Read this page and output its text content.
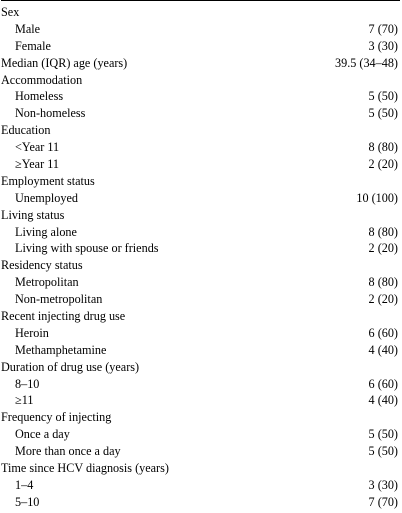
Sex
Male	7 (70)
Female	3 (30)
Median (IQR) age (years)	39.5 (34–48)
Accommodation
Homeless	5 (50)
Non-homeless	5 (50)
Education
<Year 11	8 (80)
≥Year 11	2 (20)
Employment status
Unemployed	10 (100)
Living status
Living alone	8 (80)
Living with spouse or friends	2 (20)
Residency status
Metropolitan	8 (80)
Non-metropolitan	2 (20)
Recent injecting drug use
Heroin	6 (60)
Methamphetamine	4 (40)
Duration of drug use (years)
8–10	6 (60)
≥11	4 (40)
Frequency of injecting
Once a day	5 (50)
More than once a day	5 (50)
Time since HCV diagnosis (years)
1–4	3 (30)
5–10	7 (70)
